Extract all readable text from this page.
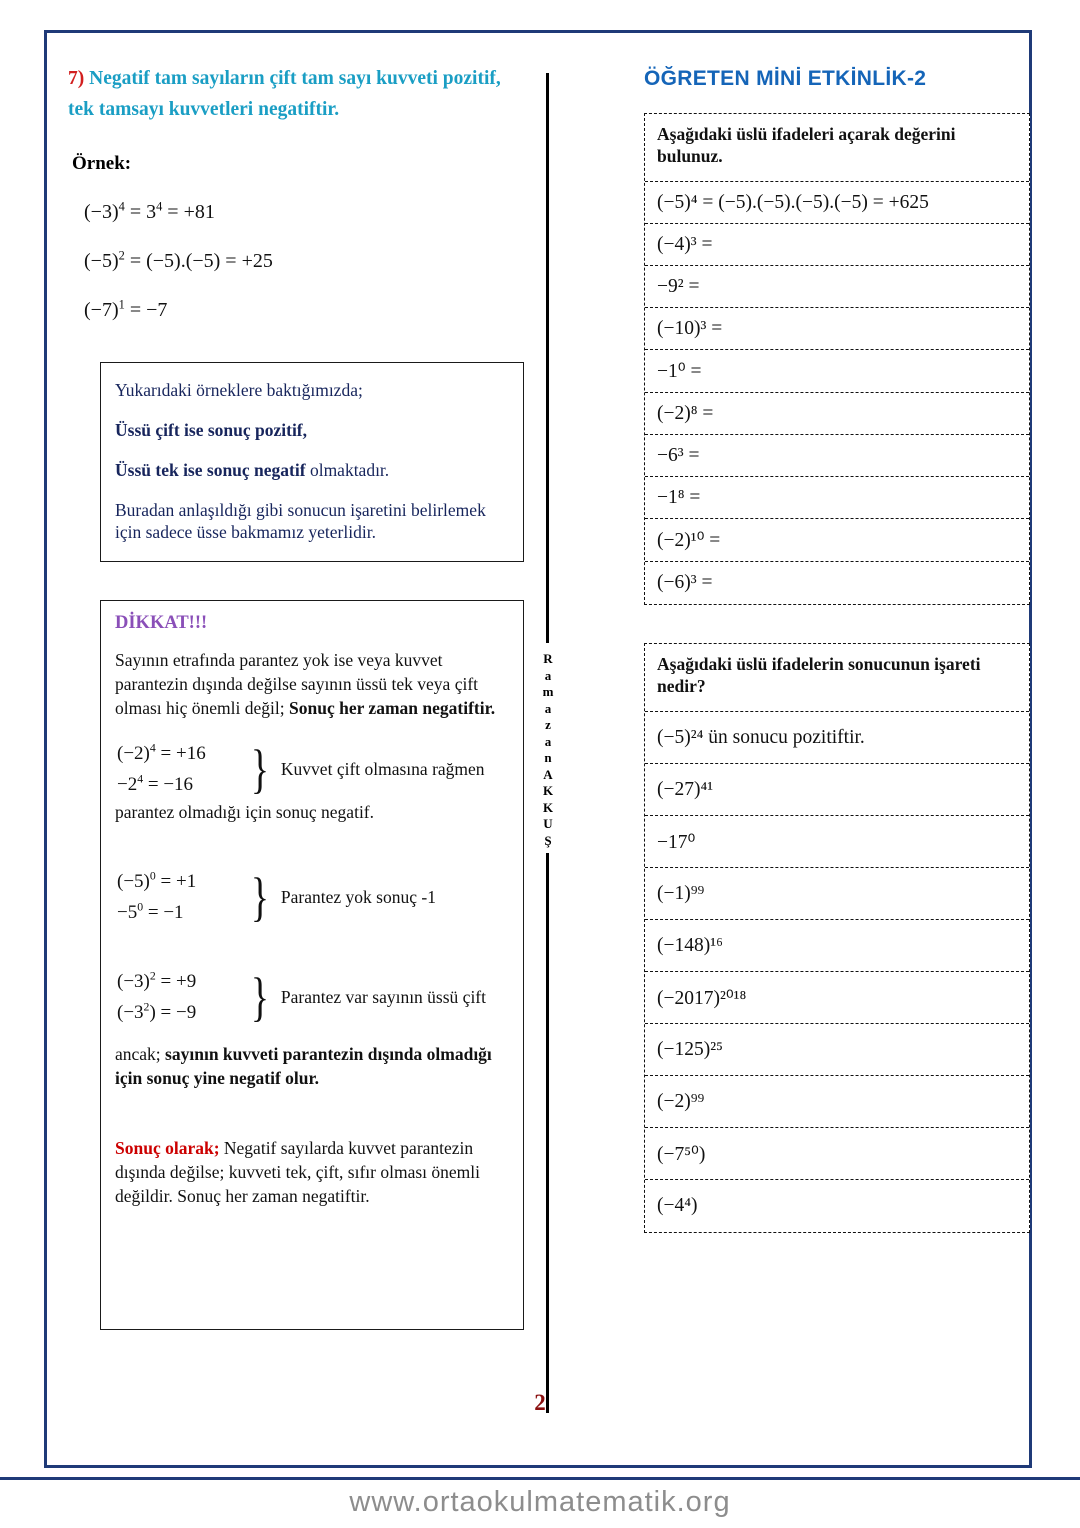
7) Negatif tam sayıların çift tam sayı kuvveti pozitif, tek tamsayı kuvvetleri negatiftir.
Örnek:
$(-3)^4 = 3^4 = +81$
$(-5)^2 = (-5).(-5) = +25$
$(-7)^1 = -7$

Yukarıdaki örneklere baktığımızda;

Üssü çift ise sonuç pozitif,

Üssü tek ise sonuç negatif olmaktadır.

Buradan anlaşıldığı gibi sonucun işaretini belirlemek için sadece üsse bakmamız yeterlidir.

DİKKAT!!!

Sayının etrafında parantez yok ise veya kuvvet parantezin dışında değilse sayının üssü tek veya çift olması hiç önemli değil; Sonuç her zaman negatiftir.

$(-2)^4 = +16$
$-2^4 = -16$	} Kuvvet çift olmasına rağmen

parantez olmadığı için sonuç negatif.

$(-5)^0 = +1$
$-5^0 = -1$	} Parantez yok sonuç -1
$(-3)^2 = +9$
$(-3^2) = -9$	} Parantez var sayının üssü çift

ancak; sayının kuvveti parantezin dışında olmadığı için sonuç yine negatif olur.

Sonuç olarak; Negatif sayılarda kuvvet parantezin dışında değilse; kuvveti tek, çift, sıfır olması önemli değildir. Sonuç her zaman negatiftir.

R
a
m
a
z
a
n
A
K
K
U
Ş
ÖĞRETEN MİNİ ETKİNLİK-2
Aşağıdaki üslü ifadeleri açarak değerini bulunuz.
(−5)⁴ = (−5).(−5).(−5).(−5) = +625
(−4)³ =
−9² =
(−10)³ =
−1⁰ =
(−2)⁸ =
−6³ =
−1⁸ =
(−2)¹⁰ =
(−6)³ =
Aşağıdaki üslü ifadelerin sonucunun işareti nedir?
(−5)²⁴ ün sonucu pozitiftir.
(−27)⁴¹
−17⁰
(−1)⁹⁹
(−148)¹⁶
(−2017)²⁰¹⁸
(−125)²⁵
(−2)⁹⁹
(−7⁵⁰)
(−4⁴)
2
www.ortaokulmatematik.org
